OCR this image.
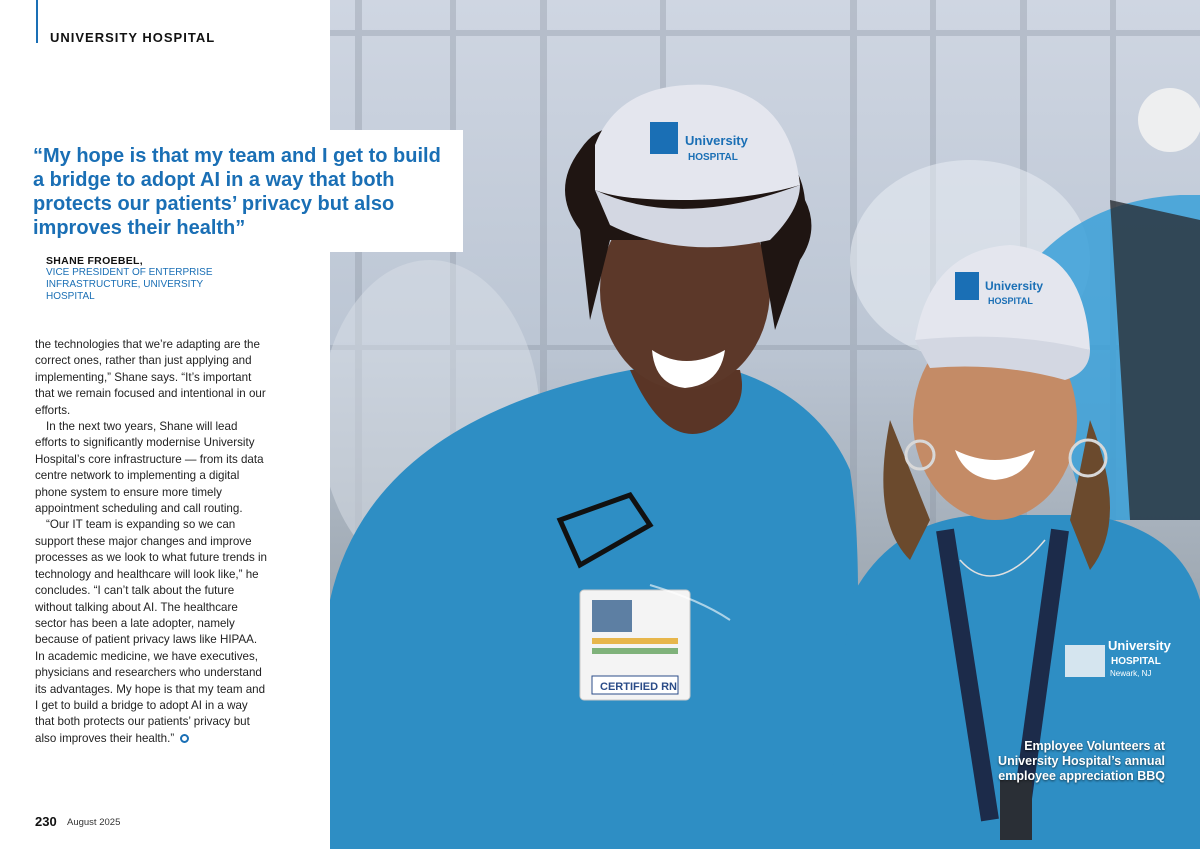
UNIVERSITY HOSPITAL
SHANE FROEBEL,
VICE PRESIDENT OF ENTERPRISE INFRASTRUCTURE, UNIVERSITY HOSPITAL

the technologies that we’re adapting are the correct ones, rather than just applying and implementing,” Shane says. “It’s important that we remain focused and intentional in our efforts.

In the next two years, Shane will lead efforts to significantly modernise University Hospital’s core infrastructure — from its data centre network to implementing a digital phone system to ensure more timely appointment scheduling and call routing.

“Our IT team is expanding so we can support these major changes and improve processes as we look to what future trends in technology and healthcare will look like,” he concludes. “I can’t talk about the future without talking about AI. The healthcare sector has been a late adopter, namely because of patient privacy laws like HIPAA. In academic medicine, we have executives, physicians and researchers who understand its advantages. My hope is that my team and I get to build a bridge to adopt AI in a way that both protects our patients’ privacy but also improves their health.”

230 August 2025
University
HOSPITAL
University
HOSPITAL
University
HOSPITAL
Newark, NJ
CERTIFIED RN
Employee Volunteers at University Hospital’s annual employee appreciation BBQ
“My hope is that my team and I get to build a bridge to adopt AI in a way that both protects our patients’ privacy but also improves their health”
